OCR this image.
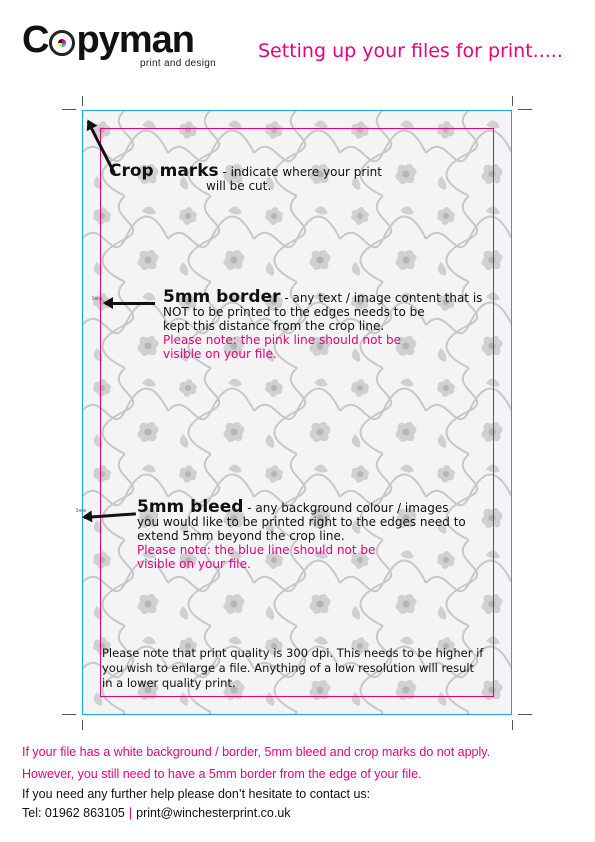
C pyman
print and design
Setting up your files for print.....
5mm
5mm
Crop marks - indicate where your print
will be cut.
5mm border - any text / image content that is
NOT to be printed to the edges needs to be
kept this distance from the crop line.
Please note: the pink line should not be
visible on your file.
5mm bleed - any background colour / images
you would like to be printed right to the edges need to
extend 5mm beyond the crop line.
Please note: the blue line should not be
visible on your file.
Please note that print quality is 300 dpi. This needs to be higher if
you wish to enlarge a file. Anything of a low resolution will result
in a lower quality print.
If your file has a white background / border, 5mm bleed and crop marks do not apply.
However, you still need to have a 5mm border from the edge of your file.
If you need any further help please don’t hesitate to contact us:
Tel: 01962 863105 | print@winchesterprint.co.uk
